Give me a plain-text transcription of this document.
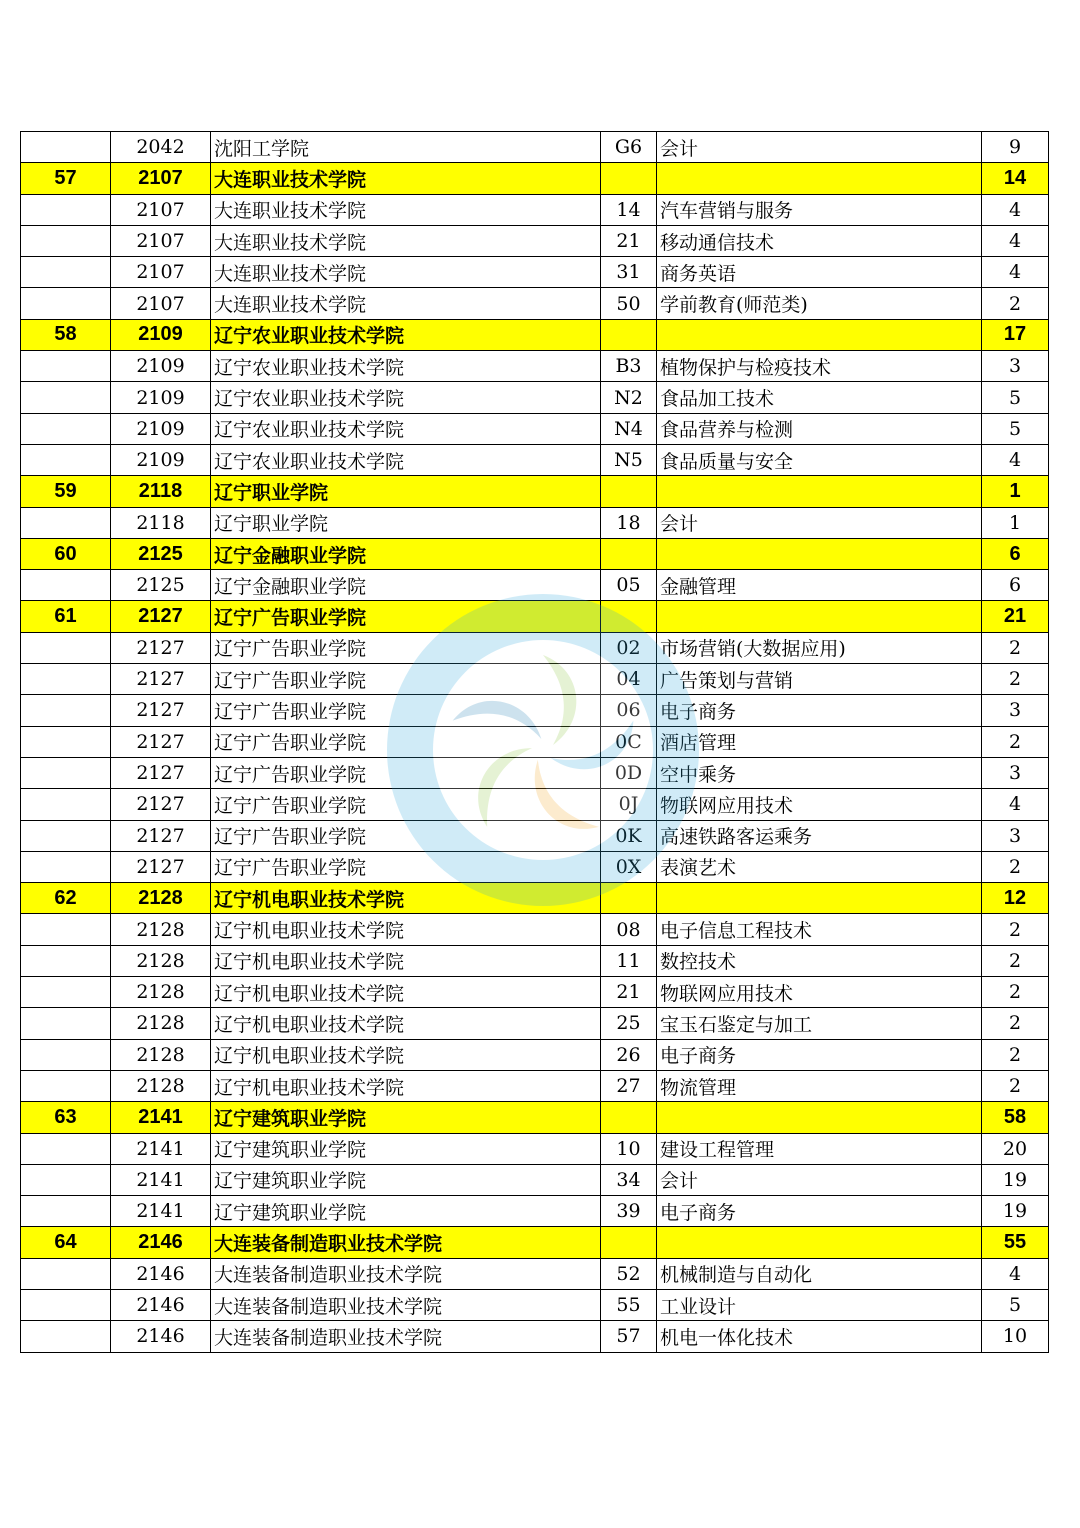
	2042	沈阳工学院	G6	会计	9
57	2107	大连职业技术学院			14
	2107	大连职业技术学院	14	汽车营销与服务	4
	2107	大连职业技术学院	21	移动通信技术	4
	2107	大连职业技术学院	31	商务英语	4
	2107	大连职业技术学院	50	学前教育(师范类)	2
58	2109	辽宁农业职业技术学院			17
	2109	辽宁农业职业技术学院	B3	植物保护与检疫技术	3
	2109	辽宁农业职业技术学院	N2	食品加工技术	5
	2109	辽宁农业职业技术学院	N4	食品营养与检测	5
	2109	辽宁农业职业技术学院	N5	食品质量与安全	4
59	2118	辽宁职业学院			1
	2118	辽宁职业学院	18	会计	1
60	2125	辽宁金融职业学院			6
	2125	辽宁金融职业学院	05	金融管理	6
61	2127	辽宁广告职业学院			21
	2127	辽宁广告职业学院	02	市场营销(大数据应用)	2
	2127	辽宁广告职业学院	04	广告策划与营销	2
	2127	辽宁广告职业学院	06	电子商务	3
	2127	辽宁广告职业学院	0C	酒店管理	2
	2127	辽宁广告职业学院	0D	空中乘务	3
	2127	辽宁广告职业学院	0J	物联网应用技术	4
	2127	辽宁广告职业学院	0K	高速铁路客运乘务	3
	2127	辽宁广告职业学院	0X	表演艺术	2
62	2128	辽宁机电职业技术学院			12
	2128	辽宁机电职业技术学院	08	电子信息工程技术	2
	2128	辽宁机电职业技术学院	11	数控技术	2
	2128	辽宁机电职业技术学院	21	物联网应用技术	2
	2128	辽宁机电职业技术学院	25	宝玉石鉴定与加工	2
	2128	辽宁机电职业技术学院	26	电子商务	2
	2128	辽宁机电职业技术学院	27	物流管理	2
63	2141	辽宁建筑职业学院			58
	2141	辽宁建筑职业学院	10	建设工程管理	20
	2141	辽宁建筑职业学院	34	会计	19
	2141	辽宁建筑职业学院	39	电子商务	19
64	2146	大连装备制造职业技术学院			55
	2146	大连装备制造职业技术学院	52	机械制造与自动化	4
	2146	大连装备制造职业技术学院	55	工业设计	5
	2146	大连装备制造职业技术学院	57	机电一体化技术	10
